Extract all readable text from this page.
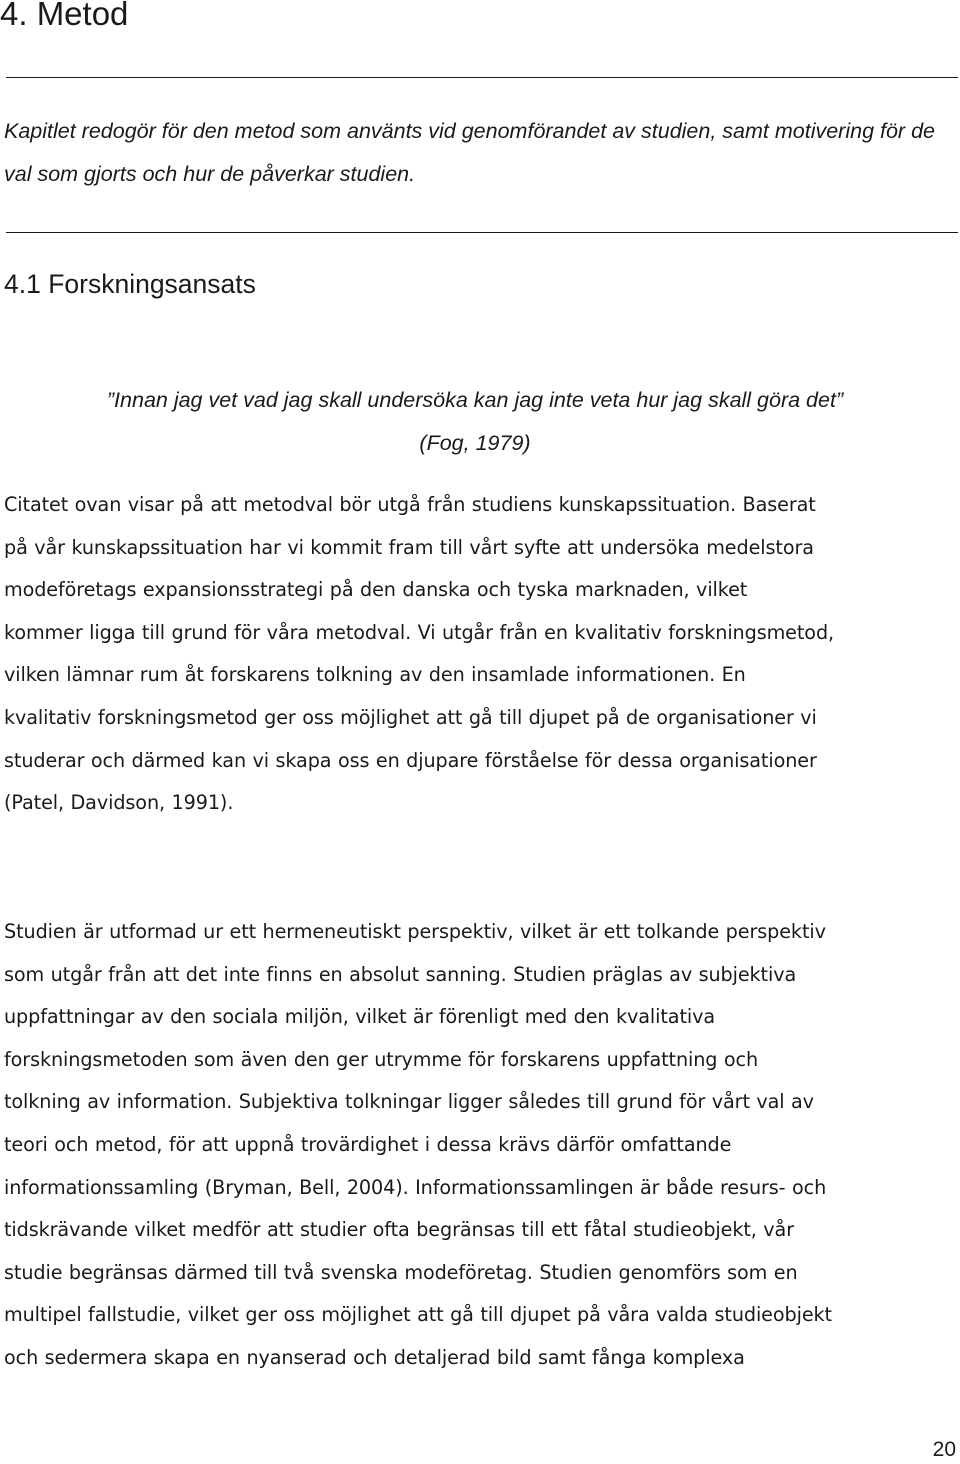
4. Metod

Kapitlet redogör för den metod som använts vid genomförandet av studien, samt motivering för de val som gjorts och hur de påverkar studien.

4.1 Forskningsansats

”Innan jag vet vad jag skall undersöka kan jag inte veta hur jag skall göra det”
(Fog, 1979)

Citatet ovan visar på att metodval bör utgå från studiens kunskapssituation. Baserat
på vår kunskapssituation har vi kommit fram till vårt syfte att undersöka medelstora
modeföretags expansionsstrategi på den danska och tyska marknaden, vilket
kommer ligga till grund för våra metodval. Vi utgår från en kvalitativ forskningsmetod,
vilken lämnar rum åt forskarens tolkning av den insamlade informationen. En
kvalitativ forskningsmetod ger oss möjlighet att gå till djupet på de organisationer vi
studerar och därmed kan vi skapa oss en djupare förståelse för dessa organisationer
(Patel, Davidson, 1991).

Studien är utformad ur ett hermeneutiskt perspektiv, vilket är ett tolkande perspektiv
som utgår från att det inte finns en absolut sanning. Studien präglas av subjektiva
uppfattningar av den sociala miljön, vilket är förenligt med den kvalitativa
forskningsmetoden som även den ger utrymme för forskarens uppfattning och
tolkning av information. Subjektiva tolkningar ligger således till grund för vårt val av
teori och metod, för att uppnå trovärdighet i dessa krävs därför omfattande
informationssamling (Bryman, Bell, 2004). Informationssamlingen är både resurs- och
tidskrävande vilket medför att studier ofta begränsas till ett fåtal studieobjekt, vår
studie begränsas därmed till två svenska modeföretag. Studien genomförs som en
multipel fallstudie, vilket ger oss möjlighet att gå till djupet på våra valda studieobjekt
och sedermera skapa en nyanserad och detaljerad bild samt fånga komplexa

20
